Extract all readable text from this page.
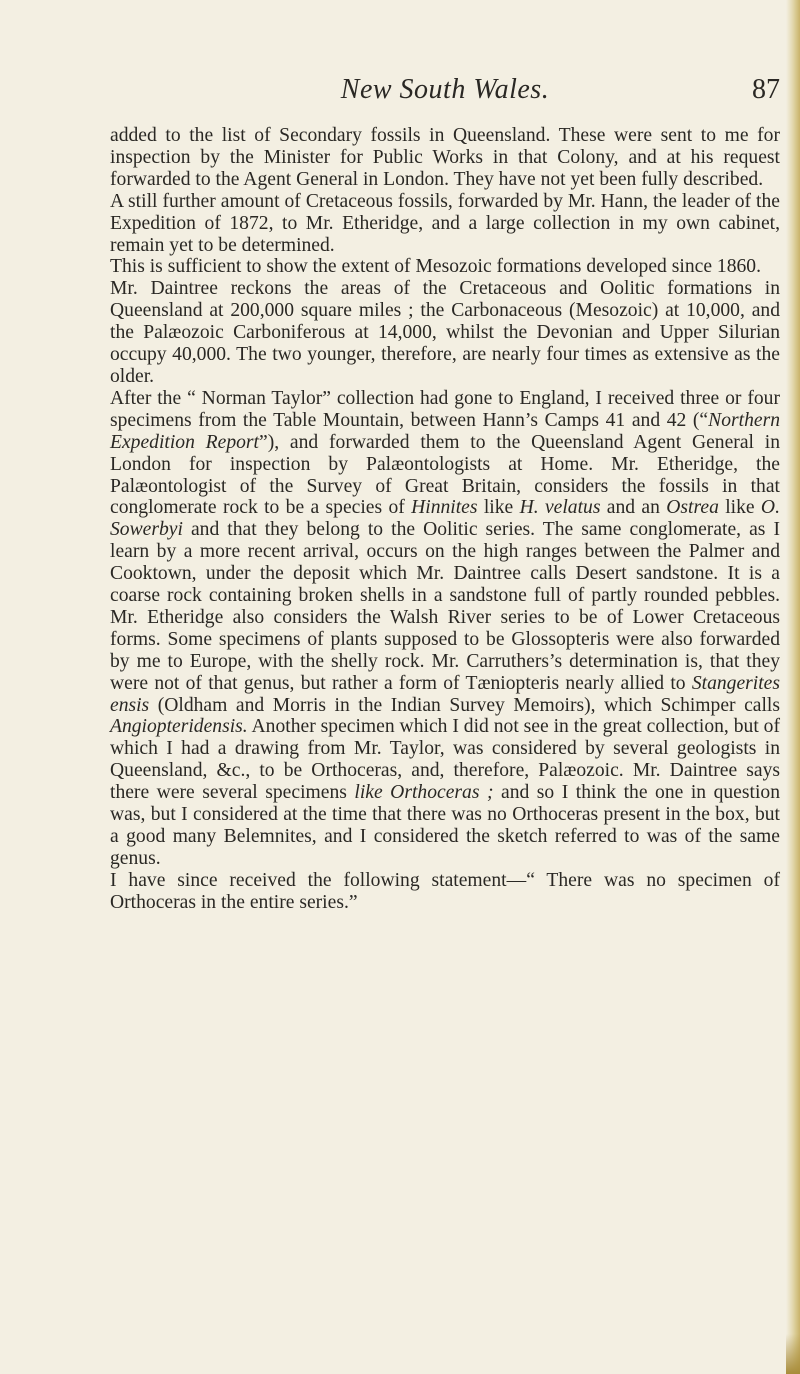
New South Wales.	87

added to the list of Secondary fossils in Queensland. These were sent to me for inspection by the Minister for Public Works in that Colony, and at his request forwarded to the Agent General in London. They have not yet been fully described.

A still further amount of Cretaceous fossils, forwarded by Mr. Hann, the leader of the Expedition of 1872, to Mr. Etheridge, and a large collection in my own cabinet, remain yet to be determined.

This is sufficient to show the extent of Mesozoic formations developed since 1860.

Mr. Daintree reckons the areas of the Cretaceous and Oolitic formations in Queensland at 200,000 square miles ; the Carbonaceous (Mesozoic) at 10,000, and the Palæozoic Carboniferous at 14,000, whilst the Devonian and Upper Silurian occupy 40,000. The two younger, therefore, are nearly four times as extensive as the older.

After the “ Norman Taylor” collection had gone to England, I received three or four specimens from the Table Mountain, between Hann’s Camps 41 and 42 (“Northern Expedition Report”), and forwarded them to the Queensland Agent General in London for inspection by Palæontologists at Home. Mr. Etheridge, the Palæontologist of the Survey of Great Britain, considers the fossils in that conglomerate rock to be a species of Hinnites like H. velatus and an Ostrea like O. Sowerbyi and that they belong to the Oolitic series. The same conglomerate, as I learn by a more recent arrival, occurs on the high ranges between the Palmer and Cooktown, under the deposit which Mr. Daintree calls Desert sandstone. It is a coarse rock containing broken shells in a sandstone full of partly rounded pebbles. Mr. Etheridge also considers the Walsh River series to be of Lower Cretaceous forms. Some specimens of plants supposed to be Glossopteris were also forwarded by me to Europe, with the shelly rock. Mr. Carruthers’s determination is, that they were not of that genus, but rather a form of Tæniopteris nearly allied to Stangerites ensis (Oldham and Morris in the Indian Survey Memoirs), which Schimper calls Angiopteridensis. Another specimen which I did not see in the great collection, but of which I had a drawing from Mr. Taylor, was considered by several geologists in Queensland, &c., to be Orthoceras, and, therefore, Palæozoic. Mr. Daintree says there were several specimens like Orthoceras ; and so I think the one in question was, but I considered at the time that there was no Orthoceras present in the box, but a good many Belemnites, and I considered the sketch referred to was of the same genus.

I have since received the following statement—“ There was no specimen of Orthoceras in the entire series.”
